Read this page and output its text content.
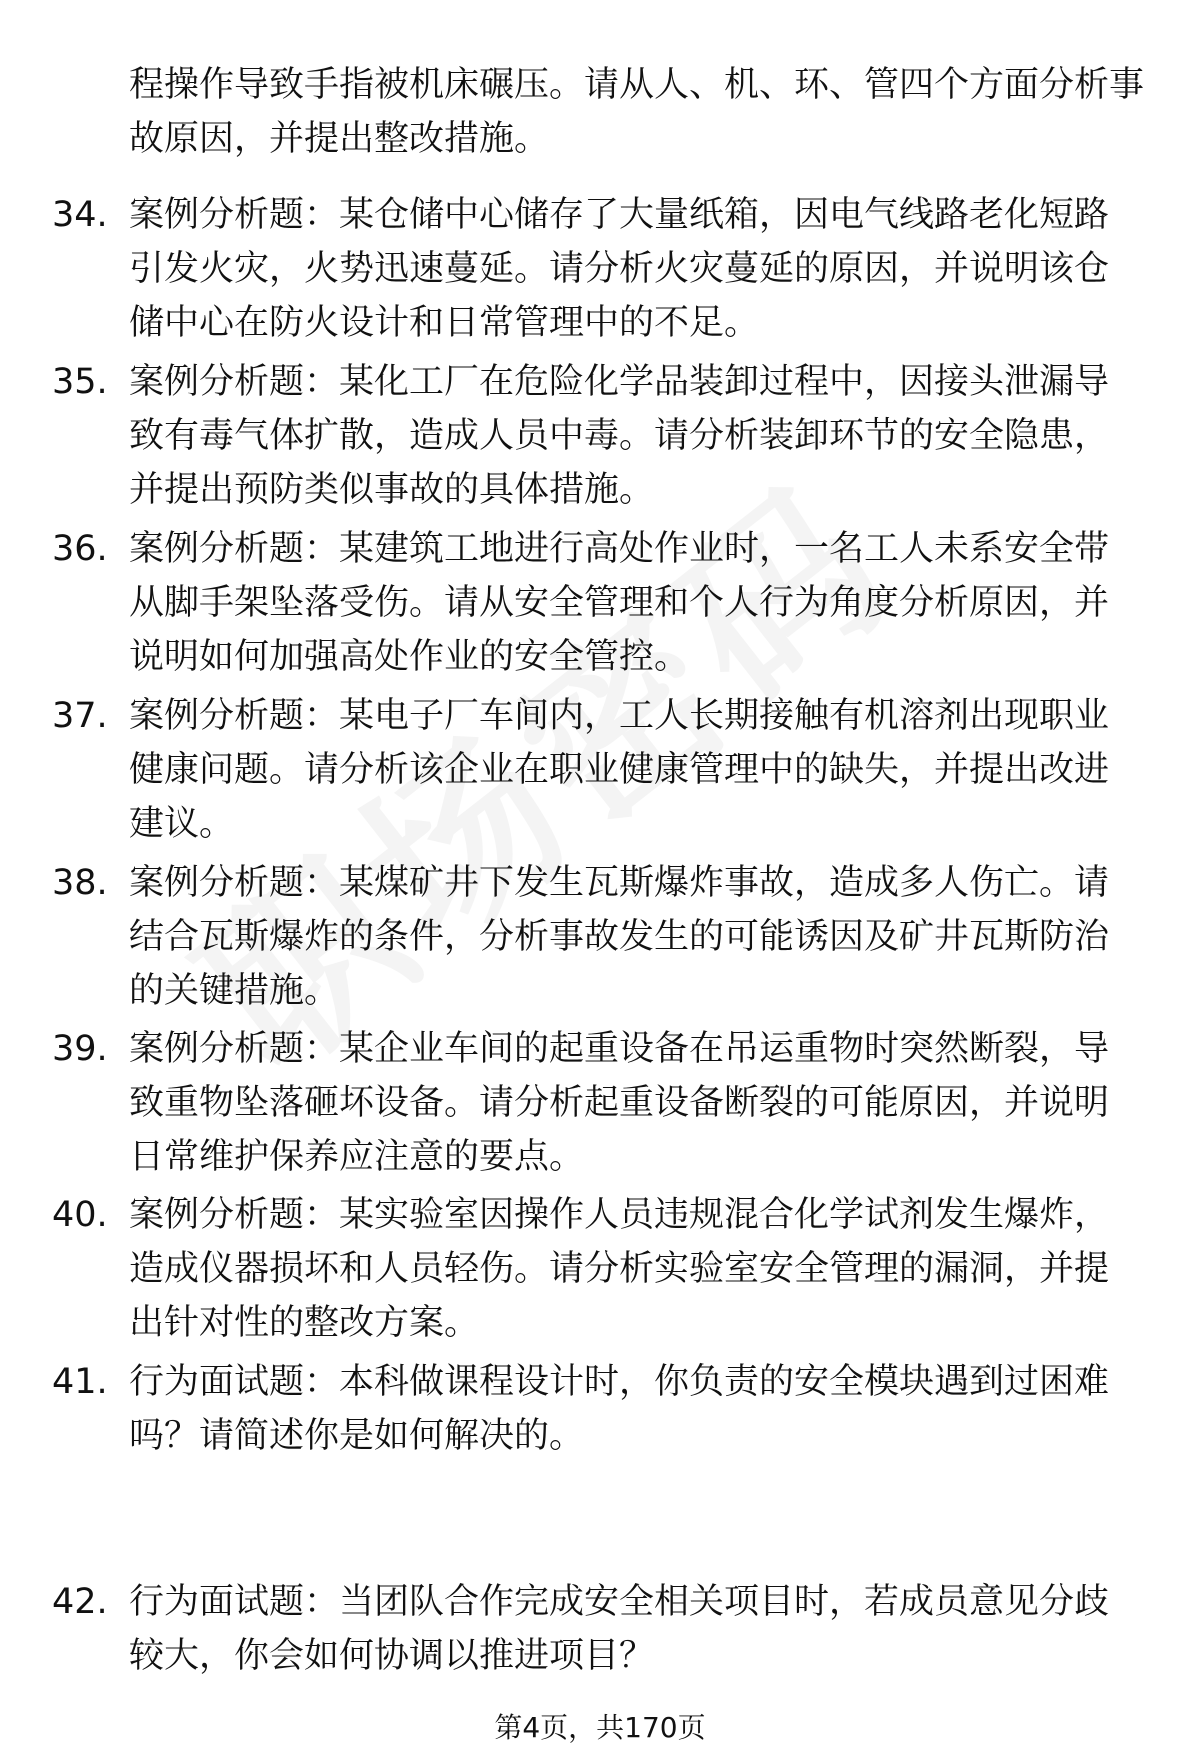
程操作导致手指被机床碾压。请从人、机、环、管四个方面分析事故原因，并提出整改措施。
34. 案例分析题：某仓储中心储存了大量纸箱，因电气线路老化短路引发火灾，火势迅速蔓延。请分析火灾蔓延的原因，并说明该仓储中心在防火设计和日常管理中的不足。
35. 案例分析题：某化工厂在危险化学品装卸过程中，因接头泄漏导致有毒气体扩散，造成人员中毒。请分析装卸环节的安全隐患，并提出预防类似事故的具体措施。
36. 案例分析题：某建筑工地进行高处作业时，一名工人未系安全带从脚手架坠落受伤。请从安全管理和个人行为角度分析原因，并说明如何加强高处作业的安全管控。
37. 案例分析题：某电子厂车间内，工人长期接触有机溶剂出现职业健康问题。请分析该企业在职业健康管理中的缺失，并提出改进建议。
38. 案例分析题：某煤矿井下发生瓦斯爆炸事故，造成多人伤亡。请结合瓦斯爆炸的条件，分析事故发生的可能诱因及矿井瓦斯防治的关键措施。
39. 案例分析题：某企业车间的起重设备在吊运重物时突然断裂，导致重物坠落砸坏设备。请分析起重设备断裂的可能原因，并说明日常维护保养应注意的要点。
40. 案例分析题：某实验室因操作人员违规混合化学试剂发生爆炸，造成仪器损坏和人员轻伤。请分析实验室安全管理的漏洞，并提出针对性的整改方案。
41. 行为面试题：本科做课程设计时，你负责的安全模块遇到过困难吗？请简述你是如何解决的。
42. 行为面试题：当团队合作完成安全相关项目时，若成员意见分歧较大，你会如何协调以推进项目？
第4页，共170页
